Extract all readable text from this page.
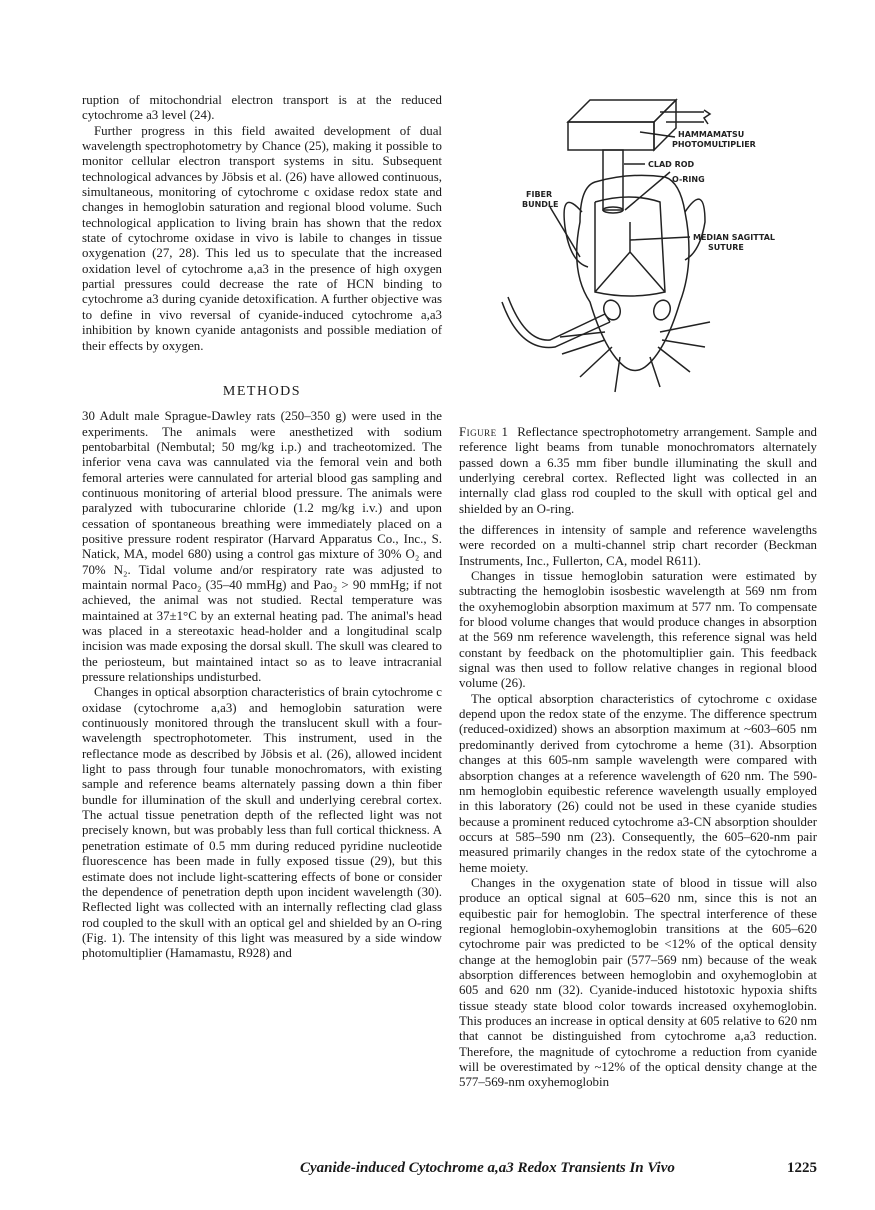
ruption of mitochondrial electron transport is at the reduced cytochrome a3 level (24).

Further progress in this field awaited development of dual wavelength spectrophotometry by Chance (25), making it possible to monitor cellular electron transport systems in situ. Subsequent technological advances by Jöbsis et al. (26) have allowed continuous, simultaneous, monitoring of cytochrome c oxidase redox state and changes in hemoglobin saturation and regional blood volume. Such technological application to living brain has shown that the redox state of cytochrome oxidase in vivo is labile to changes in tissue oxygenation (27, 28). This led us to speculate that the increased oxidation level of cytochrome a,a3 in the presence of high oxygen partial pressures could decrease the rate of HCN binding to cytochrome a3 during cyanide detoxification. A further objective was to define in vivo reversal of cyanide-induced cytochrome a,a3 inhibition by known cyanide antagonists and possible mediation of their effects by oxygen.

METHODS

30 Adult male Sprague-Dawley rats (250–350 g) were used in the experiments. The animals were anesthetized with sodium pentobarbital (Nembutal; 50 mg/kg i.p.) and tracheotomized. The inferior vena cava was cannulated via the femoral vein and both femoral arteries were cannulated for arterial blood gas sampling and continuous monitoring of arterial blood pressure. The animals were paralyzed with tubocurarine chloride (1.2 mg/kg i.v.) and upon cessation of spontaneous breathing were immediately placed on a positive pressure rodent respirator (Harvard Apparatus Co., Inc., S. Natick, MA, model 680) using a control gas mixture of 30% O₂ and 70% N₂. Tidal volume and/or respiratory rate was adjusted to maintain normal Paco₂ (35–40 mmHg) and Pao₂ > 90 mmHg; if not achieved, the animal was not studied. Rectal temperature was maintained at 37±1°C by an external heating pad. The animal's head was placed in a stereotaxic head-holder and a longitudinal scalp incision was made exposing the dorsal skull. The skull was cleared to the periosteum, but maintained intact so as to leave intracranial pressure relationships undisturbed.

Changes in optical absorption characteristics of brain cytochrome c oxidase (cytochrome a,a3) and hemoglobin saturation were continuously monitored through the translucent skull with a four-wavelength spectrophotometer. This instrument, used in the reflectance mode as described by Jöbsis et al. (26), allowed incident light to pass through four tunable monochromators, with existing sample and reference beams alternately passing down a thin fiber bundle for illumination of the skull and underlying cerebral cortex. The actual tissue penetration depth of the reflected light was not precisely known, but was probably less than full cortical thickness. A penetration estimate of 0.5 mm during reduced pyridine nucleotide fluorescence has been made in fully exposed tissue (29), but this estimate does not include light-scattering effects of bone or consider the dependence of penetration depth upon incident wavelength (30). Reflected light was collected with an internally reflecting clad glass rod coupled to the skull with an optical gel and shielded by an O-ring (Fig. 1). The intensity of this light was measured by a side window photomultiplier (Hamamastu, R928) and

HAMMAMATSU
PHOTOMULTIPLIER
CLAD ROD
O-RING
FIBER
BUNDLE
MEDIAN SAGITTAL
SUTURE
Figure 1 Reflectance spectrophotometry arrangement. Sample and reference light beams from tunable monochromators alternately passed down a 6.35 mm fiber bundle illuminating the skull and underlying cerebral cortex. Reflected light was collected in an internally clad glass rod coupled to the skull with optical gel and shielded by an O-ring.

the differences in intensity of sample and reference wavelengths were recorded on a multi-channel strip chart recorder (Beckman Instruments, Inc., Fullerton, CA, model R611).

Changes in tissue hemoglobin saturation were estimated by subtracting the hemoglobin isosbestic wavelength at 569 nm from the oxyhemoglobin absorption maximum at 577 nm. To compensate for blood volume changes that would produce changes in absorption at the 569 nm reference wavelength, this reference signal was held constant by feedback on the photomultiplier gain. This feedback signal was then used to follow relative changes in regional blood volume (26).

The optical absorption characteristics of cytochrome c oxidase depend upon the redox state of the enzyme. The difference spectrum (reduced-oxidized) shows an absorption maximum at ~603–605 nm predominantly derived from cytochrome a heme (31). Absorption changes at this 605-nm sample wavelength were compared with absorption changes at a reference wavelength of 620 nm. The 590-nm hemoglobin equibestic reference wavelength usually employed in this laboratory (26) could not be used in these cyanide studies because a prominent reduced cytochrome a3-CN absorption shoulder occurs at 585–590 nm (23). Consequently, the 605–620-nm pair measured primarily changes in the redox state of the cytochrome a heme moiety.

Changes in the oxygenation state of blood in tissue will also produce an optical signal at 605–620 nm, since this is not an equibestic pair for hemoglobin. The spectral interference of these regional hemoglobin-oxyhemoglobin transitions at the 605–620 cytochrome pair was predicted to be <12% of the optical density change at the hemoglobin pair (577–569 nm) because of the weak absorption differences between hemoglobin and oxyhemoglobin at 605 and 620 nm (32). Cyanide-induced histotoxic hypoxia shifts tissue steady state blood color towards increased oxyhemoglobin. This produces an increase in optical density at 605 relative to 620 nm that cannot be distinguished from cytochrome a,a3 reduction. Therefore, the magnitude of cytochrome a reduction from cyanide will be overestimated by ~12% of the optical density change at the 577–569-nm oxyhemoglobin

Cyanide-induced Cytochrome a,a3 Redox Transients In Vivo	1225
